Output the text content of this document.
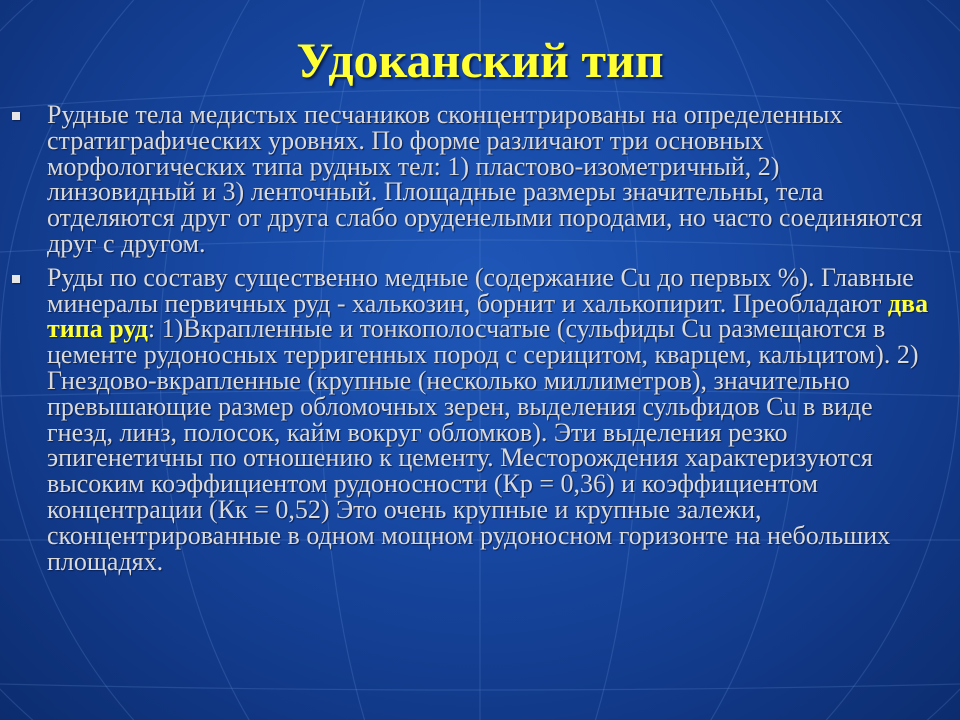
Удоканский тип
Рудные тела медистых песчаников сконцентрированы на определенных стратиграфических уровнях. По форме различают три основных морфологических типа рудных тел: 1) пластово-изометричный, 2) линзовидный и 3) ленточный. Площадные размеры значительны, тела отделяются друг от друга слабо оруденелыми породами, но часто соединяются друг с другом.
Руды по составу существенно медные (содержание Cu до первых %). Главные минералы первичных руд - халькозин, борнит и халькопирит. Преобладают два типа руд: 1)Вкрапленные и тонкополосчатые (сульфиды Cu размещаются в цементе рудоносных терригенных пород с серицитом, кварцем, кальцитом). 2) Гнездово-вкрапленные (крупные (несколько миллиметров), значительно превышающие размер обломочных зерен, выделения сульфидов Cu в виде гнезд, линз, полосок, кайм вокруг обломков). Эти выделения резко эпигенетичны по отношению к цементу. Месторождения характеризуются высоким коэффициентом рудоносности (Кр = 0,36) и коэффициентом концентрации (Кк = 0,52) Это очень крупные и крупные залежи, сконцентрированные в одном мощном рудоносном горизонте на небольших площадях.
